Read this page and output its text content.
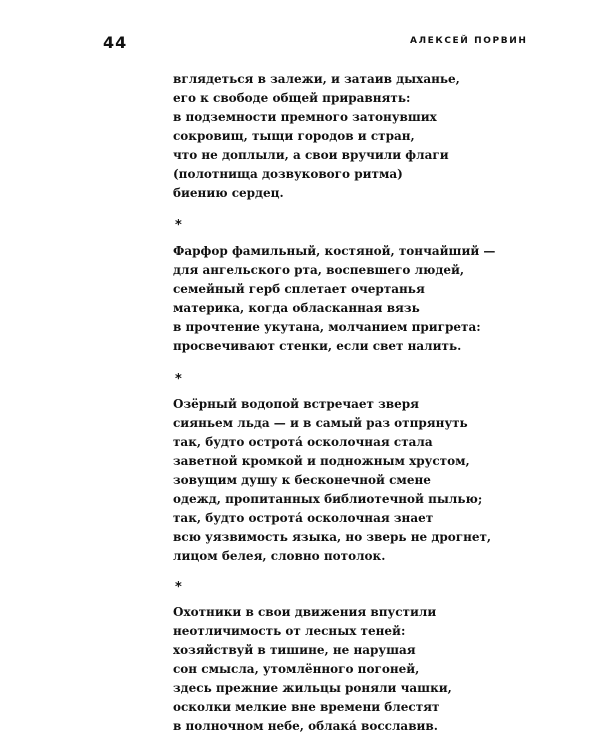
44	АЛЕКСЕЙ ПОРВИН
вглядеться в залежи, и затаив дыханье,
его к свободе общей приравнять:
в подземности премного затонувших
сокровищ, тыщи городов и стран,
что не доплыли, а свои вручили флаги
(полотнища дозвукового ритма)
биению сердец.
*
Фарфор фамильный, костяной, тончайший —
для ангельского рта, воспевшего людей,
семейный герб сплетает очертанья
материка, когда обласканная вязь
в прочтение укутана, молчанием пригрета:
просвечивают стенки, если свет налить.
*
Озёрный водопой встречает зверя
сияньем льда — и в самый раз отпрянуть
так, будто острота́ осколочная стала
заветной кромкой и подножным хрустом,
зовущим душу к бесконечной смене
одежд, пропитанных библиотечной пылью;
так, будто острота́ осколочная знает
всю уязвимость языка, но зверь не дрогнет,
лицом белея, словно потолок.
*
Охотники в свои движения впустили
неотличимость от лесных теней:
хозяйствуй в тишине, не нарушая
сон смысла, утомлённого погоней,
здесь прежние жильцы роняли чашки,
осколки мелкие вне времени блестят
в полночном небе, облака́ восславив.
